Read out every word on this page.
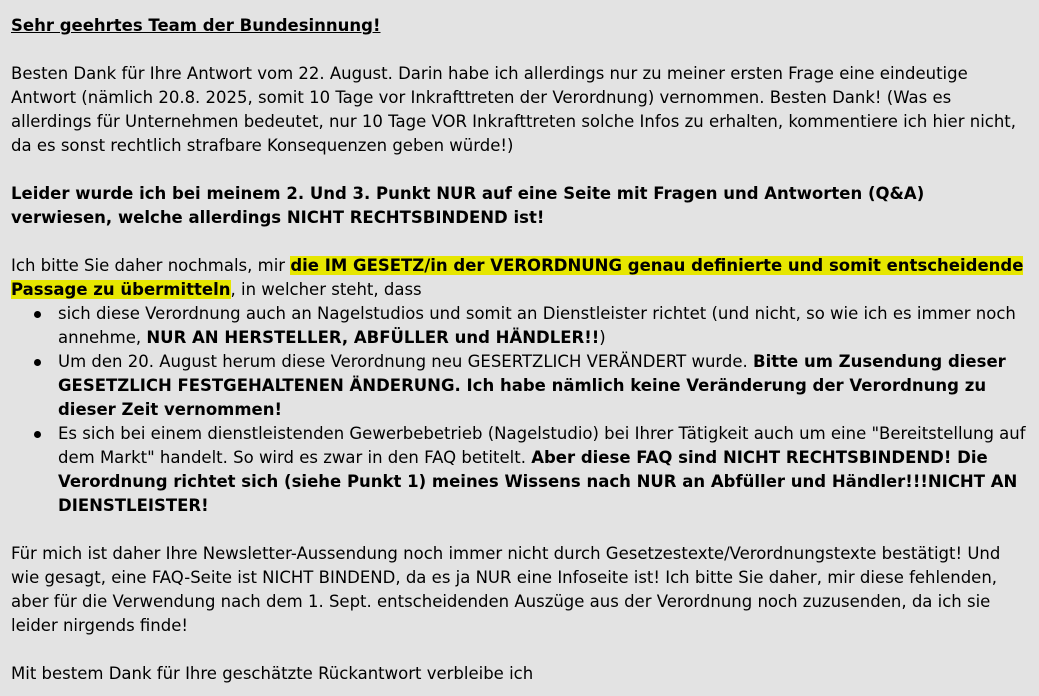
Sehr geehrtes Team der Bundesinnung!

Besten Dank für Ihre Antwort vom 22. August. Darin habe ich allerdings nur zu meiner ersten Frage eine eindeutige Antwort (nämlich 20.8. 2025, somit 10 Tage vor Inkrafttreten der Verordnung) vernommen. Besten Dank! (Was es allerdings für Unternehmen bedeutet, nur 10 Tage VOR Inkrafttreten solche Infos zu erhalten, kommentiere ich hier nicht, da es sonst rechtlich strafbare Konsequenzen geben würde!)

Leider wurde ich bei meinem 2. Und 3. Punkt NUR auf eine Seite mit Fragen und Antworten (Q&A) verwiesen, welche allerdings NICHT RECHTSBINDEND ist!

Ich bitte Sie daher nochmals, mir die IM GESETZ/in der VERORDNUNG genau definierte und somit entscheidende Passage zu übermitteln, in welcher steht, dass

sich diese Verordnung auch an Nagelstudios und somit an Dienstleister richtet (und nicht, so wie ich es immer noch annehme, NUR AN HERSTELLER, ABFÜLLER und HÄNDLER!!)
Um den 20. August herum diese Verordnung neu GESERTZLICH VERÄNDERT wurde. Bitte um Zusendung dieser GESETZLICH FESTGEHALTENEN ÄNDERUNG. Ich habe nämlich keine Veränderung der Verordnung zu dieser Zeit vernommen!
Es sich bei einem dienstleistenden Gewerbebetrieb (Nagelstudio) bei Ihrer Tätigkeit auch um eine "Bereitstellung auf dem Markt" handelt. So wird es zwar in den FAQ betitelt. Aber diese FAQ sind NICHT RECHTSBINDEND! Die Verordnung richtet sich (siehe Punkt 1) meines Wissens nach NUR an Abfüller und Händler!!!NICHT AN DIENSTLEISTER!

Für mich ist daher Ihre Newsletter-Aussendung noch immer nicht durch Gesetzestexte/Verordnungstexte bestätigt! Und wie gesagt, eine FAQ-Seite ist NICHT BINDEND, da es ja NUR eine Infoseite ist! Ich bitte Sie daher, mir diese fehlenden, aber für die Verwendung nach dem 1. Sept. entscheidenden Auszüge aus der Verordnung noch zuzusenden, da ich sie leider nirgends finde!

Mit bestem Dank für Ihre geschätzte Rückantwort verbleibe ich
